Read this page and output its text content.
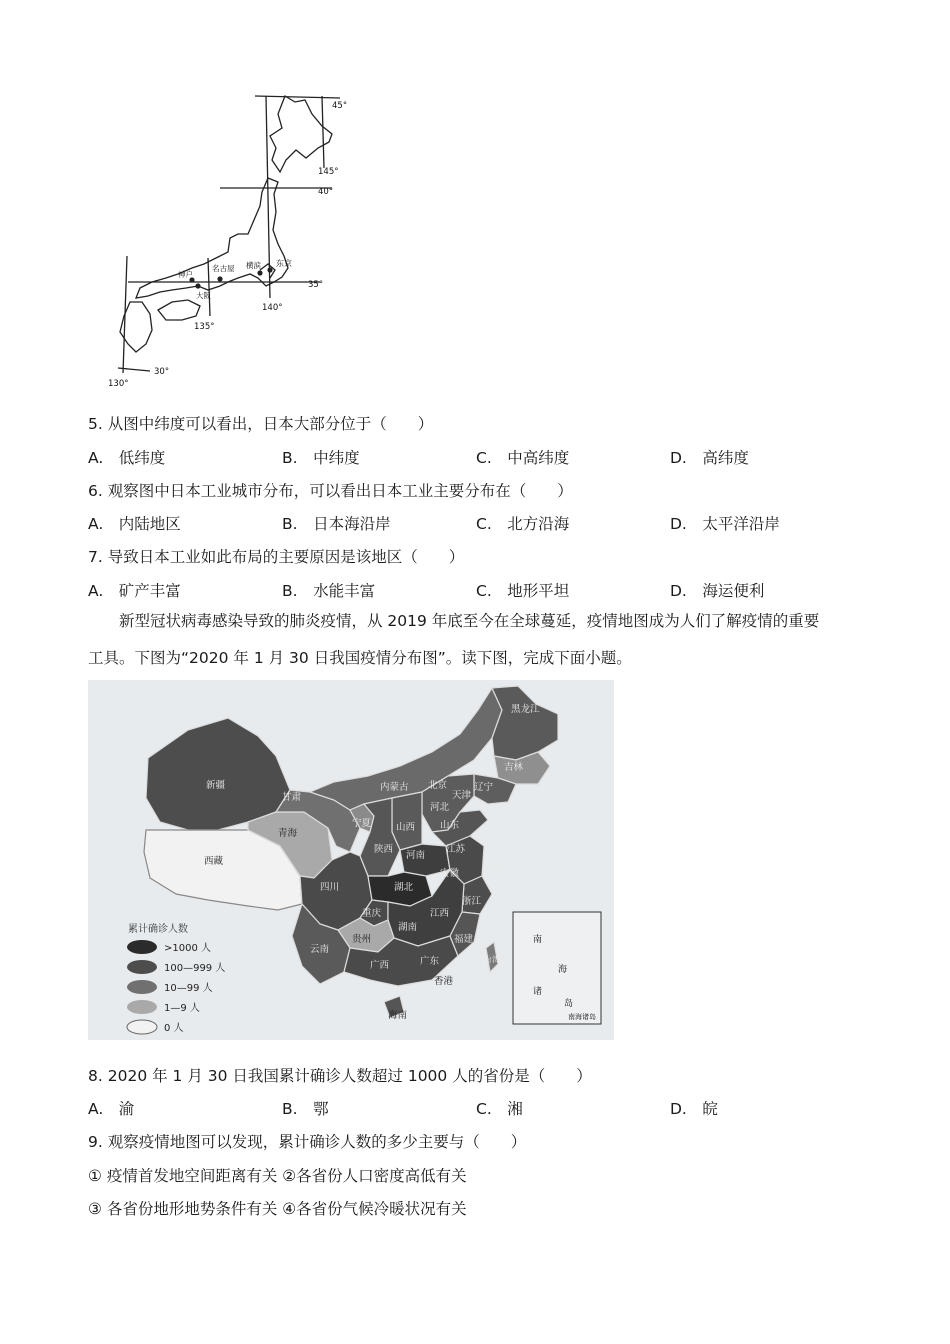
45°
145°
40°
35°
140°
135°
30°
130°
名古屋 横滨 东京
神户
大阪
5. 从图中纬度可以看出，日本大部分位于（　　）
A.　 低纬度	B.　 中纬度	C.　 中高纬度	D.　 高纬度
6. 观察图中日本工业城市分布，可以看出日本工业主要分布在（　　）
A.　 内陆地区	B.　 日本海沿岸	C.　 北方沿海	D.　 太平洋沿岸
7. 导致日本工业如此布局的主要原因是该地区（　　）
A.　 矿产丰富	B.　 水能丰富	C.　 地形平坦	D.　 海运便利
新型冠状病毒感染导致的肺炎疫情，从 2019 年底至今在全球蔓延，疫情地图成为人们了解疫情的重要
工具。下图为“2020 年 1 月 30 日我国疫情分布图”。读下图，完成下面小题。
南
海
诸
岛
南海诸岛
黑龙江
吉林
辽宁
内蒙古 北京
天津
河北
新疆
甘肃
宁夏	山西	山东
青海
陕西
河南
江苏
西藏
四川	湖北
安徽	上海
重庆
浙江
湖南
江西
贵州	福建
云南
广西	广东	台湾
香港
海南
累计确诊人数
>1000 人
100—999 人
10—99 人
1—9 人
0 人
8. 2020 年 1 月 30 日我国累计确诊人数超过 1000 人的省份是（　　）
A.　 渝	B.　 鄂	C.　 湘	D.　 皖
9. 观察疫情地图可以发现，累计确诊人数的多少主要与（　　）
① 疫情首发地空间距离有关 ②各省份人口密度高低有关
③ 各省份地形地势条件有关 ④各省份气候冷暖状况有关
